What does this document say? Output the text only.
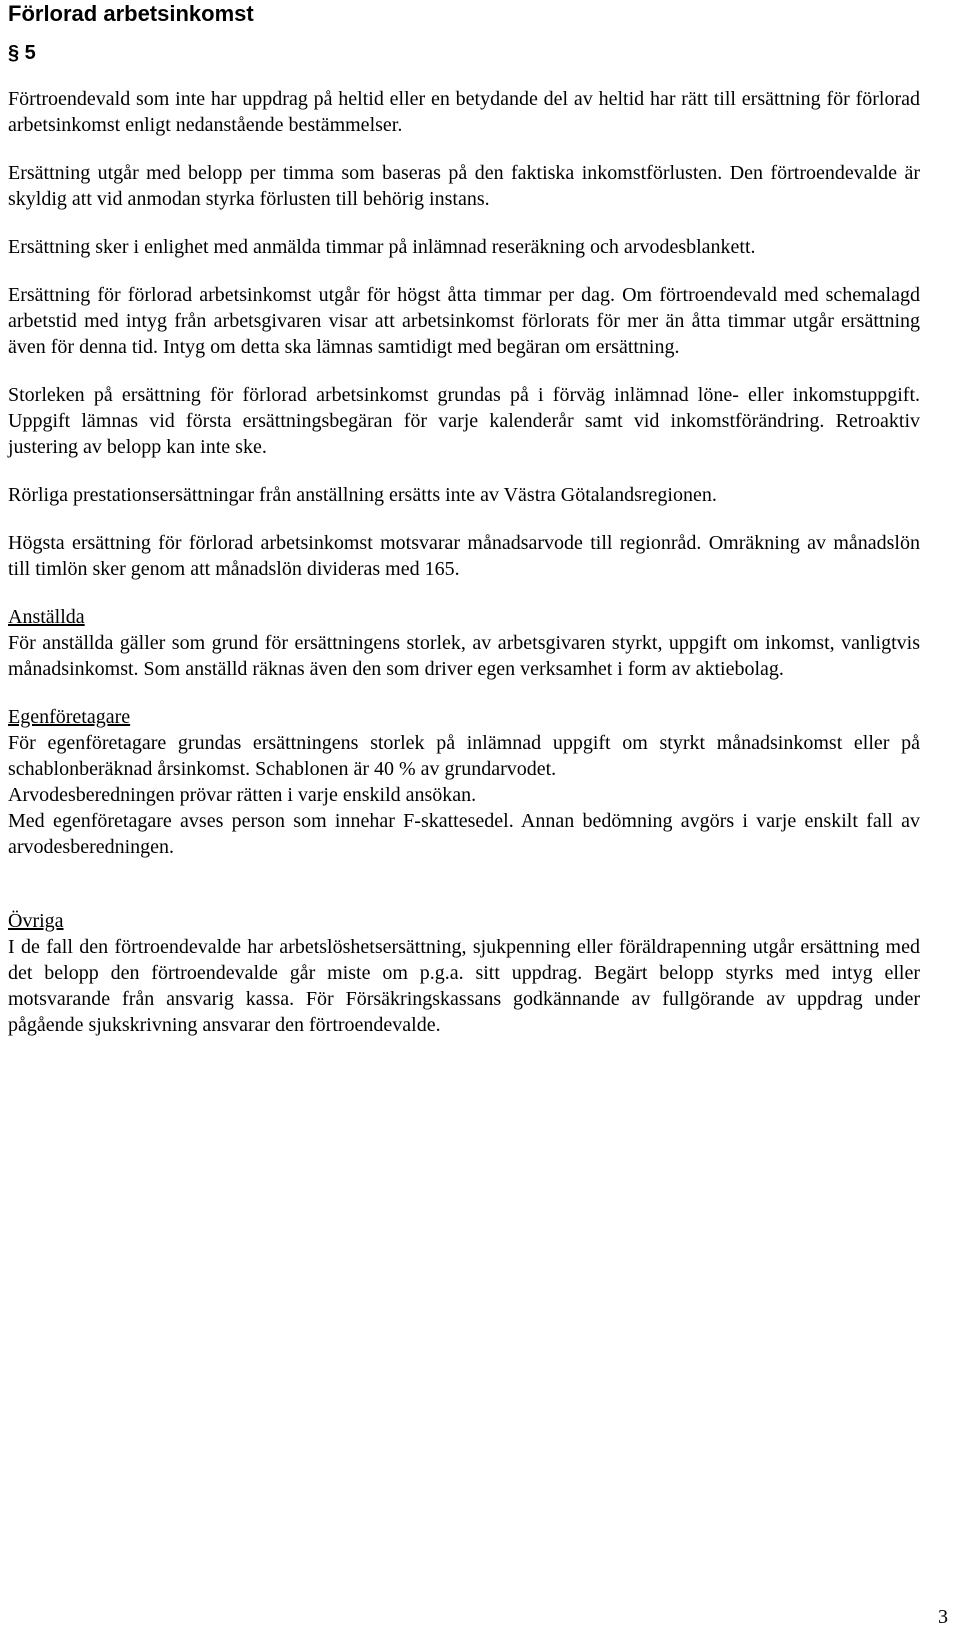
Förlorad arbetsinkomst
§ 5

Förtroendevald som inte har uppdrag på heltid eller en betydande del av heltid har rätt till ersättning för förlorad arbetsinkomst enligt nedanstående bestämmelser.

Ersättning utgår med belopp per timma som baseras på den faktiska inkomstförlusten. Den förtroendevalde är skyldig att vid anmodan styrka förlusten till behörig instans.

Ersättning sker i enlighet med anmälda timmar på inlämnad reseräkning och arvodesblankett.

Ersättning för förlorad arbetsinkomst utgår för högst åtta timmar per dag. Om förtroendevald med schemalagd arbetstid med intyg från arbetsgivaren visar att arbetsinkomst förlorats för mer än åtta timmar utgår ersättning även för denna tid. Intyg om detta ska lämnas samtidigt med begäran om ersättning.

Storleken på ersättning för förlorad arbetsinkomst grundas på i förväg inlämnad löne- eller inkomstuppgift. Uppgift lämnas vid första ersättningsbegäran för varje kalenderår samt vid inkomstförändring. Retroaktiv justering av belopp kan inte ske.

Rörliga prestationsersättningar från anställning ersätts inte av Västra Götalandsregionen.

Högsta ersättning för förlorad arbetsinkomst motsvarar månadsarvode till regionråd. Omräkning av månadslön till timlön sker genom att månadslön divideras med 165.

Anställda
För anställda gäller som grund för ersättningens storlek, av arbetsgivaren styrkt, uppgift om inkomst, vanligtvis månadsinkomst. Som anställd räknas även den som driver egen verksamhet i form av aktiebolag.

Egenföretagare
För egenföretagare grundas ersättningens storlek på inlämnad uppgift om styrkt månadsinkomst eller på schablonberäknad årsinkomst. Schablonen är 40 % av grundarvodet.

Arvodesberedningen prövar rätten i varje enskild ansökan.

Med egenföretagare avses person som innehar F-skattesedel. Annan bedömning avgörs i varje enskilt fall av arvodesberedningen.

Övriga
I de fall den förtroendevalde har arbetslöshetsersättning, sjukpenning eller föräldrapenning utgår ersättning med det belopp den förtroendevalde går miste om p.g.a. sitt uppdrag. Begärt belopp styrks med intyg eller motsvarande från ansvarig kassa. För Försäkringskassans godkännande av fullgörande av uppdrag under pågående sjukskrivning ansvarar den förtroendevalde.

3
